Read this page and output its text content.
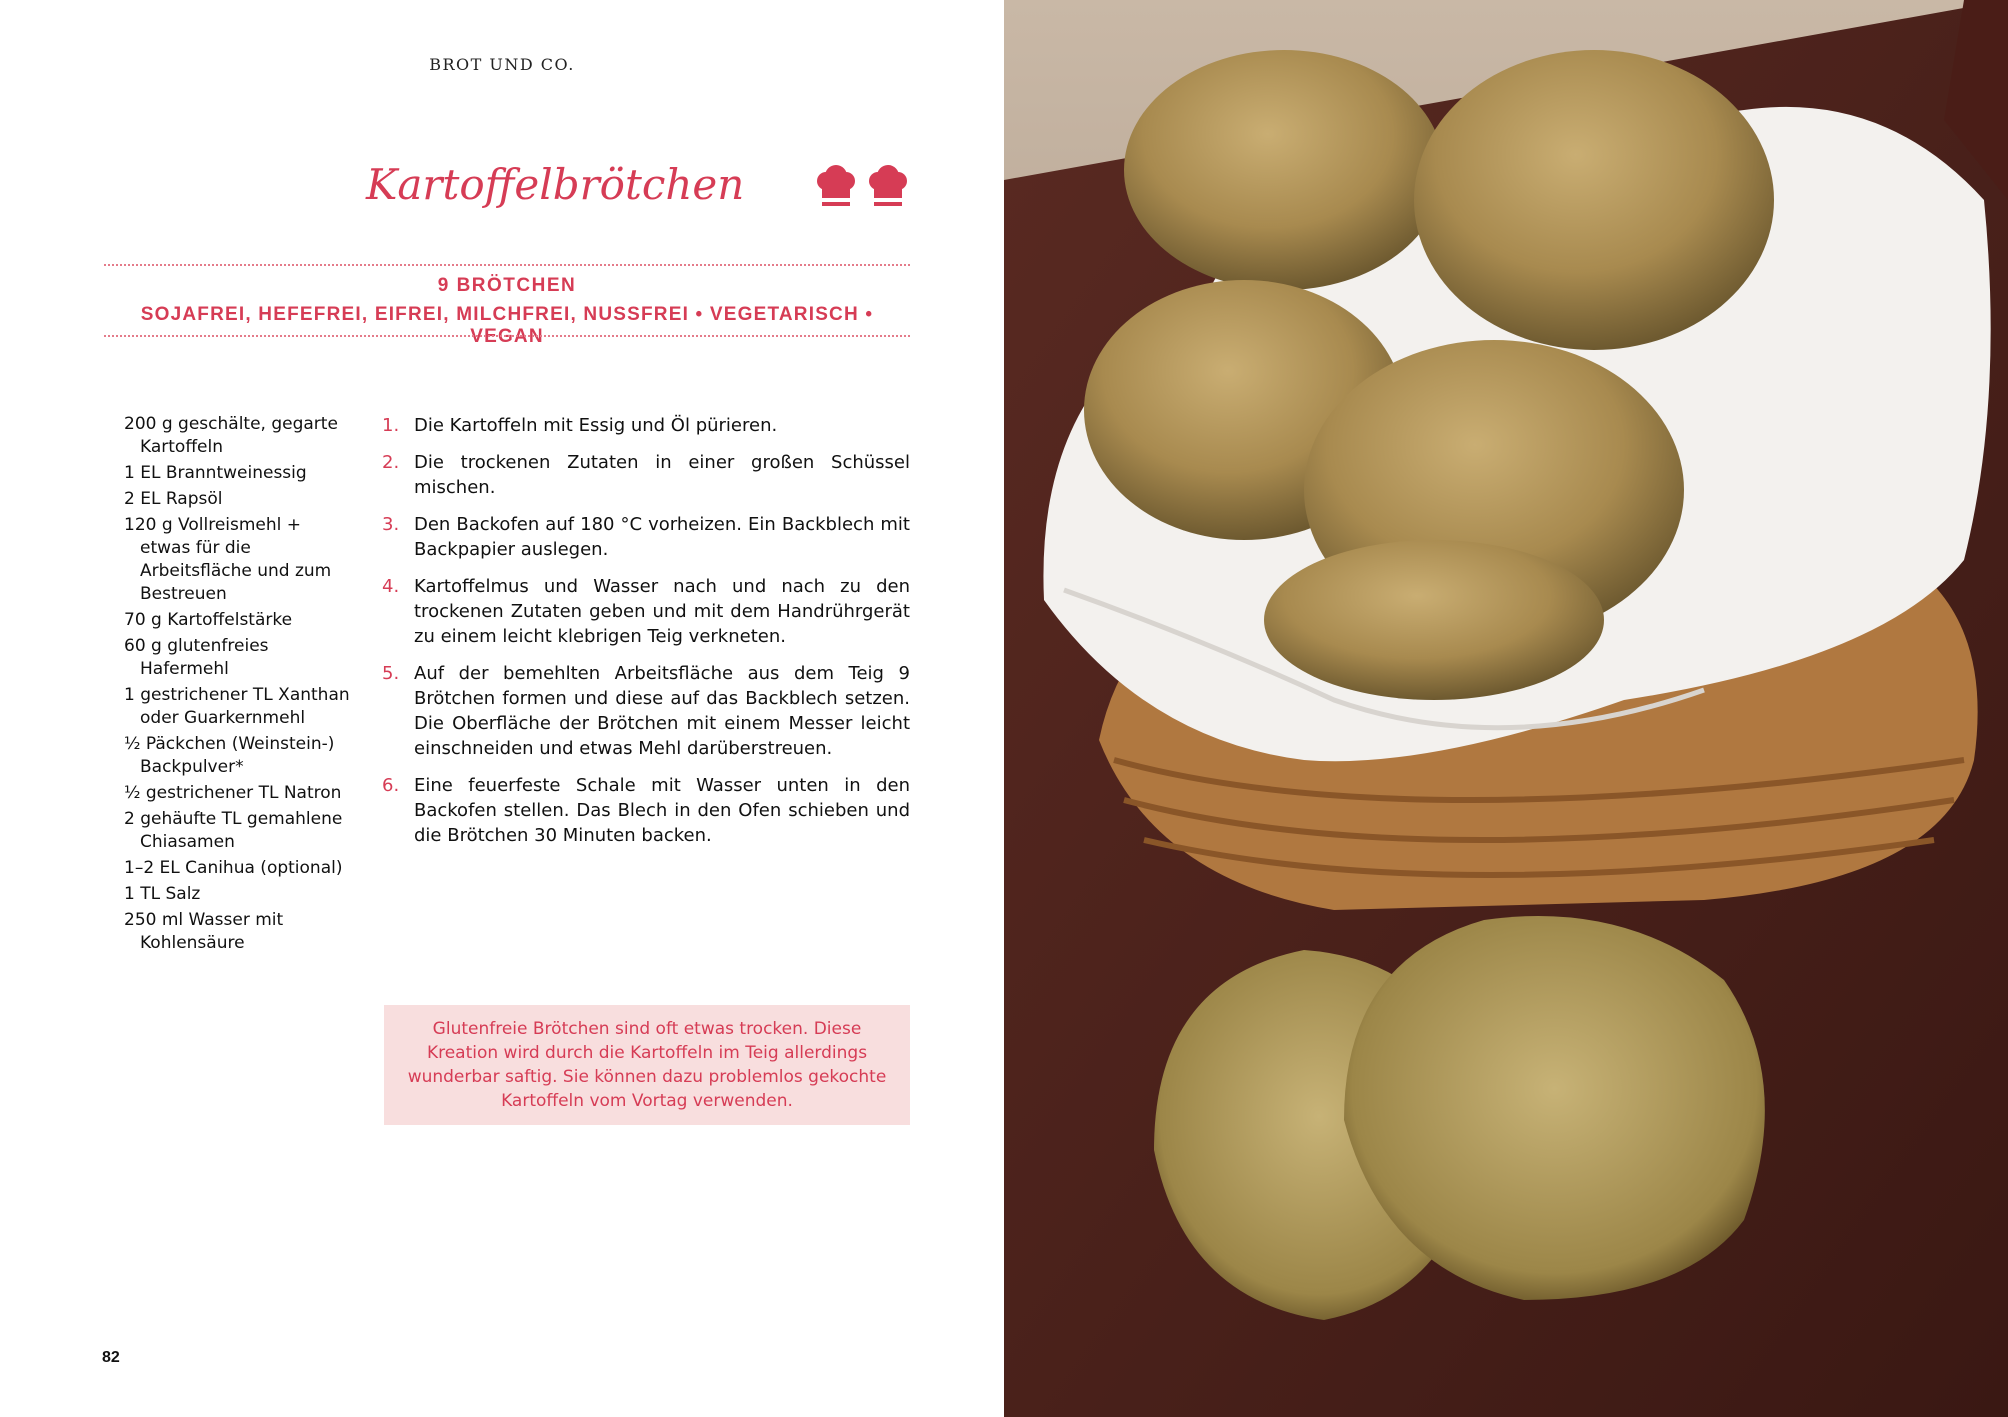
BROT UND CO.
Kartoffelbrötchen
9 BRÖTCHEN
SOJAFREI, HEFEFREI, EIFREI, MILCHFREI, NUSSFREI • VEGETARISCH • VEGAN
200 g geschälte, gegarte Kartoffeln
1 EL Branntweinessig
2 EL Rapsöl
120 g Vollreismehl + etwas für die Arbeitsfläche und zum Bestreuen
70 g Kartoffelstärke
60 g glutenfreies Hafermehl
1 gestrichener TL Xanthan oder Guarkernmehl
½ Päckchen (Weinstein-) Backpulver*
½ gestrichener TL Natron
2 gehäufte TL gemahlene Chiasamen
1–2 EL Canihua (optional)
1 TL Salz
250 ml Wasser mit Kohlensäure
1. Die Kartoffeln mit Essig und Öl pürieren.
2. Die trockenen Zutaten in einer großen Schüssel mischen.
3. Den Backofen auf 180 °C vorheizen. Ein Backblech mit Backpapier auslegen.
4. Kartoffelmus und Wasser nach und nach zu den trockenen Zutaten geben und mit dem Handrührgerät zu einem leicht klebrigen Teig verkneten.
5. Auf der bemehlten Arbeitsfläche aus dem Teig 9 Brötchen formen und diese auf das Backblech setzen. Die Oberfläche der Brötchen mit einem Messer leicht einschneiden und etwas Mehl darüberstreuen.
6. Eine feuerfeste Schale mit Wasser unten in den Backofen stellen. Das Blech in den Ofen schieben und die Brötchen 30 Minuten backen.
Glutenfreie Brötchen sind oft etwas trocken. Diese Kreation wird durch die Kartoffeln im Teig allerdings wunderbar saftig. Sie können dazu problemlos gekochte Kartoffeln vom Vortag verwenden.
82
